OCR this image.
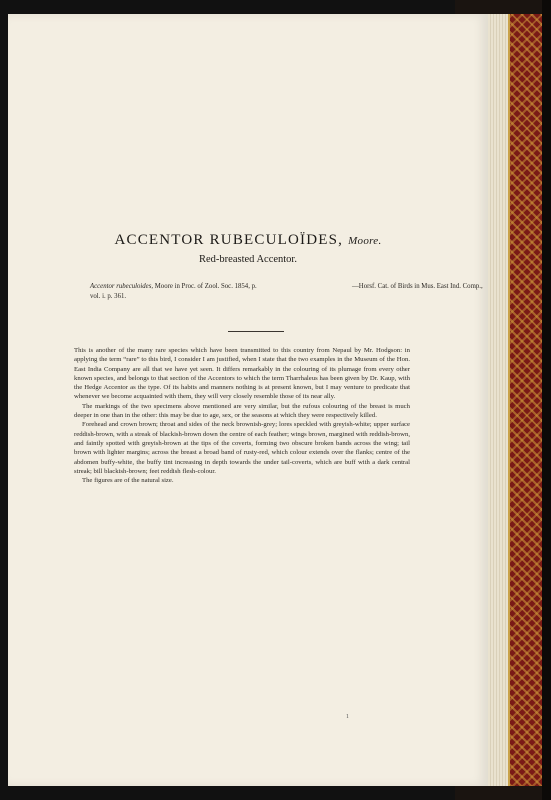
ACCENTOR RUBECULOÏDES, Moore.
Red-breasted Accentor.
Accentor rubeculoides, Moore in Proc. of Zool. Soc. 1854, p.
vol. i. p. 361.
—Horsf. Cat. of Birds in Mus. East Ind. Comp.,

This is another of the many rare species which have been transmitted to this country from Nepaul by Mr. Hodgson: in applying the term “rare” to this bird, I consider I am justified, when I state that the two examples in the Museum of the Hon. East India Company are all that we have yet seen. It differs remarkably in the colouring of its plumage from every other known species, and belongs to that section of the Accentors to which the term Tharrhaleus has been given by Dr. Kaup, with the Hedge Accentor as the type. Of its habits and manners nothing is at present known, but I may venture to predicate that whenever we become acquainted with them, they will very closely resemble those of its near ally.

The markings of the two specimens above mentioned are very similar, but the rufous colouring of the breast is much deeper in one than in the other: this may be due to age, sex, or the seasons at which they were respectively killed.

Forehead and crown brown; throat and sides of the neck brownish-grey; lores speckled with greyish-white; upper surface reddish-brown, with a streak of blackish-brown down the centre of each feather; wings brown, margined with reddish-brown, and faintly spotted with greyish-brown at the tips of the coverts, forming two obscure broken bands across the wing; tail brown with lighter margins; across the breast a broad band of rusty-red, which colour extends over the flanks; centre of the abdomen buffy-white, the buffy tint increasing in depth towards the under tail-coverts, which are buff with a dark central streak; bill blackish-brown; feet reddish flesh-colour.

The figures are of the natural size.

1
